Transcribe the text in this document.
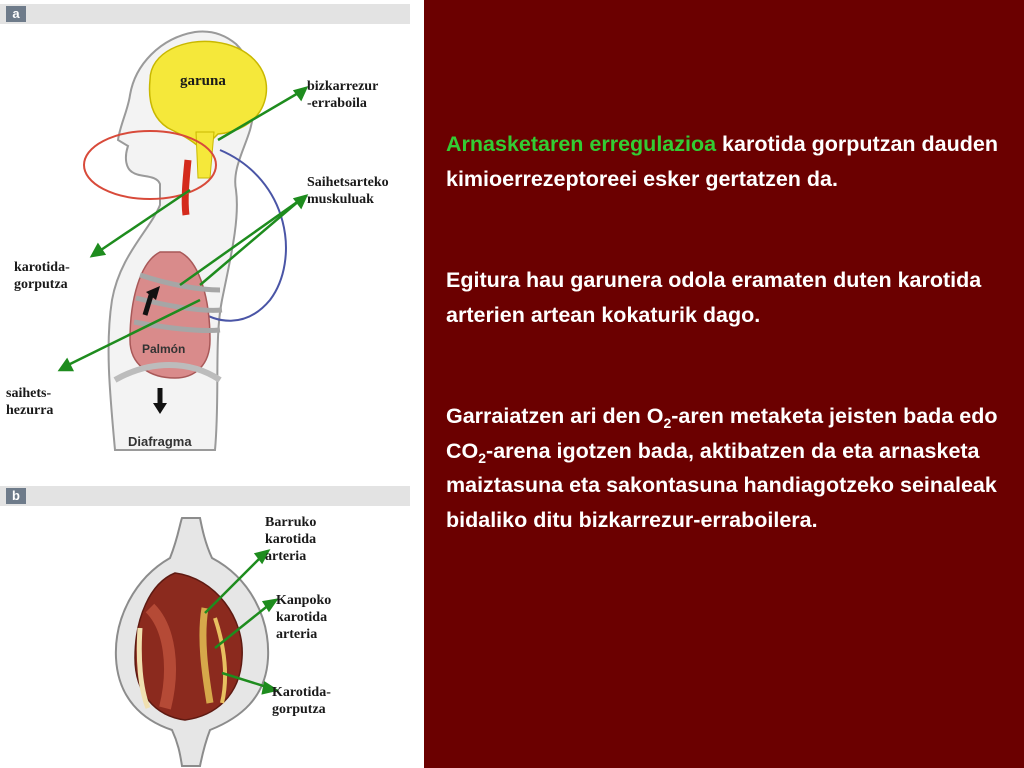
a
garuna	bizkarrezur
-erraboila
Saihetsarteko
muskuluak
karotida-
gorputza
saihets-
hezurra
Palmón
Diafragma
b
Barruko
karotida
arteria
Kanpoko
karotida
arteria
Karotida-
gorputza

Arnasketaren erregulazioa karotida gorputzan dauden kimioerrezeptoreei esker gertatzen da.

Egitura hau garunera odola eramaten duten karotida arterien artean kokaturik dago.

Garraiatzen ari den $O_2$-aren metaketa jeisten bada edo $CO_2$-arena igotzen bada, aktibatzen da eta arnasketa maiztasuna eta sakontasuna handiagotzeko seinaleak bidaliko ditu bizkarrezur-erraboilera.
